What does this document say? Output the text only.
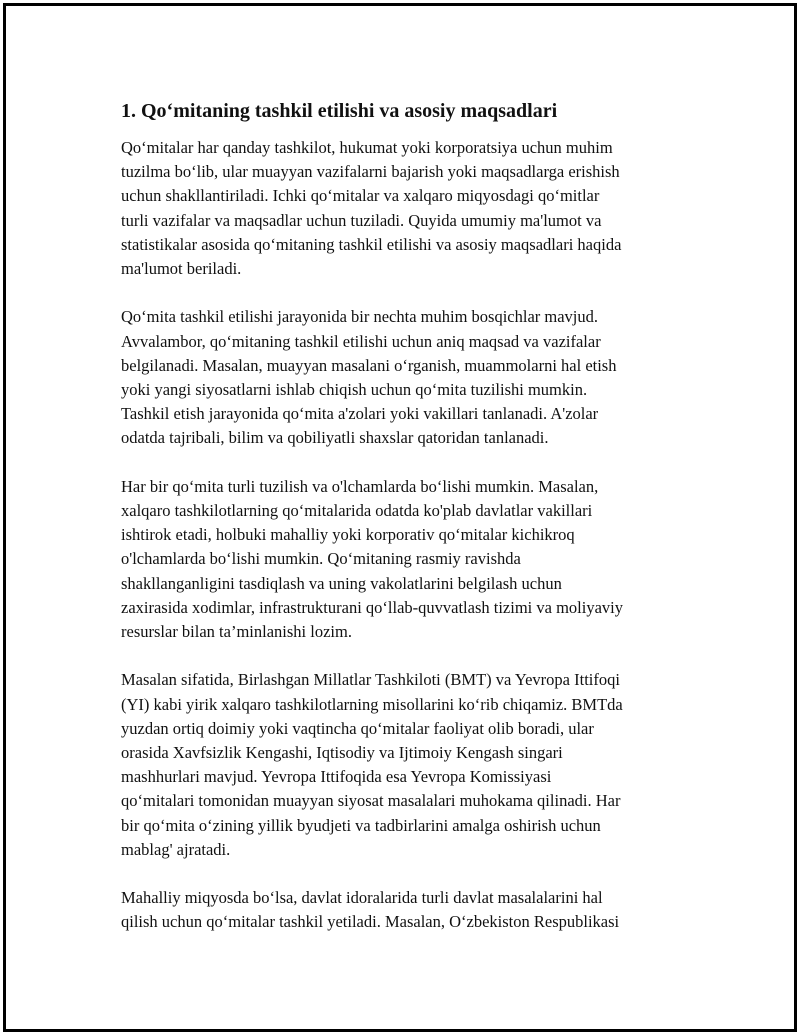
1. Qo‘mitaning tashkil etilishi va asosiy maqsadlari

Qo‘mitalar har qanday tashkilot, hukumat yoki korporatsiya uchun muhim
tuzilma bo‘lib, ular muayyan vazifalarni bajarish yoki maqsadlarga erishish
uchun shakllantiriladi. Ichki qo‘mitalar va xalqaro miqyosdagi qo‘mitlar
turli vazifalar va maqsadlar uchun tuziladi. Quyida umumiy ma'lumot va
statistikalar asosida qo‘mitaning tashkil etilishi va asosiy maqsadlari haqida
ma'lumot beriladi.

Qo‘mita tashkil etilishi jarayonida bir nechta muhim bosqichlar mavjud.
Avvalambor, qo‘mitaning tashkil etilishi uchun aniq maqsad va vazifalar
belgilanadi. Masalan, muayyan masalani o‘rganish, muammolarni hal etish
yoki yangi siyosatlarni ishlab chiqish uchun qo‘mita tuzilishi mumkin.
Tashkil etish jarayonida qo‘mita a'zolari yoki vakillari tanlanadi. A'zolar
odatda tajribali, bilim va qobiliyatli shaxslar qatoridan tanlanadi.

Har bir qo‘mita turli tuzilish va o'lchamlarda bo‘lishi mumkin. Masalan,
xalqaro tashkilotlarning qo‘mitalarida odatda ko'plab davlatlar vakillari
ishtirok etadi, holbuki mahalliy yoki korporativ qo‘mitalar kichikroq
o'lchamlarda bo‘lishi mumkin. Qo‘mitaning rasmiy ravishda
shakllanganligini tasdiqlash va uning vakolatlarini belgilash uchun
zaxirasida xodimlar, infrastrukturani qo‘llab-quvvatlash tizimi va moliyaviy
resurslar bilan ta’minlanishi lozim.

Masalan sifatida, Birlashgan Millatlar Tashkiloti (BMT) va Yevropa Ittifoqi
(YI) kabi yirik xalqaro tashkilotlarning misollarini ko‘rib chiqamiz. BMTda
yuzdan ortiq doimiy yoki vaqtincha qo‘mitalar faoliyat olib boradi, ular
orasida Xavfsizlik Kengashi, Iqtisodiy va Ijtimoiy Kengash singari
mashhurlari mavjud. Yevropa Ittifoqida esa Yevropa Komissiyasi
qo‘mitalari tomonidan muayyan siyosat masalalari muhokama qilinadi. Har
bir qo‘mita o‘zining yillik byudjeti va tadbirlarini amalga oshirish uchun
mablag' ajratadi.

Mahalliy miqyosda bo‘lsa, davlat idoralarida turli davlat masalalarini hal
qilish uchun qo‘mitalar tashkil yetiladi. Masalan, O‘zbekiston Respublikasi
